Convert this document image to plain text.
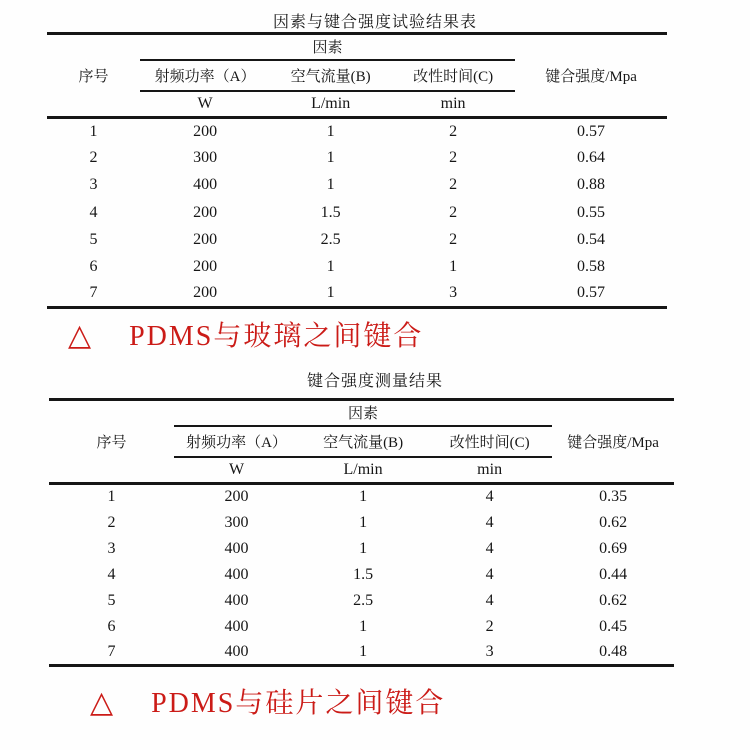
因素与键合强度试验结果表
序号	因素			键合强度/Mpa
	射频功率（A）	空气流量(B)	改性时间(C)	
	W	L/min	min	
1	200	1	2	0.57
2	300	1	2	0.64
3	400	1	2	0.88
4	200	1.5	2	0.55
5	200	2.5	2	0.54
6	200	1	1	0.58
7	200	1	3	0.57
△ PDMS与玻璃之间键合
键合强度测量结果
序号	因素			键合强度/Mpa
	射频功率（A）	空气流量(B)	改性时间(C)	
	W	L/min	min	
1	200	1	4	0.35
2	300	1	4	0.62
3	400	1	4	0.69
4	400	1.5	4	0.44
5	400	2.5	4	0.62
6	400	1	2	0.45
7	400	1	3	0.48
△ PDMS与硅片之间键合
